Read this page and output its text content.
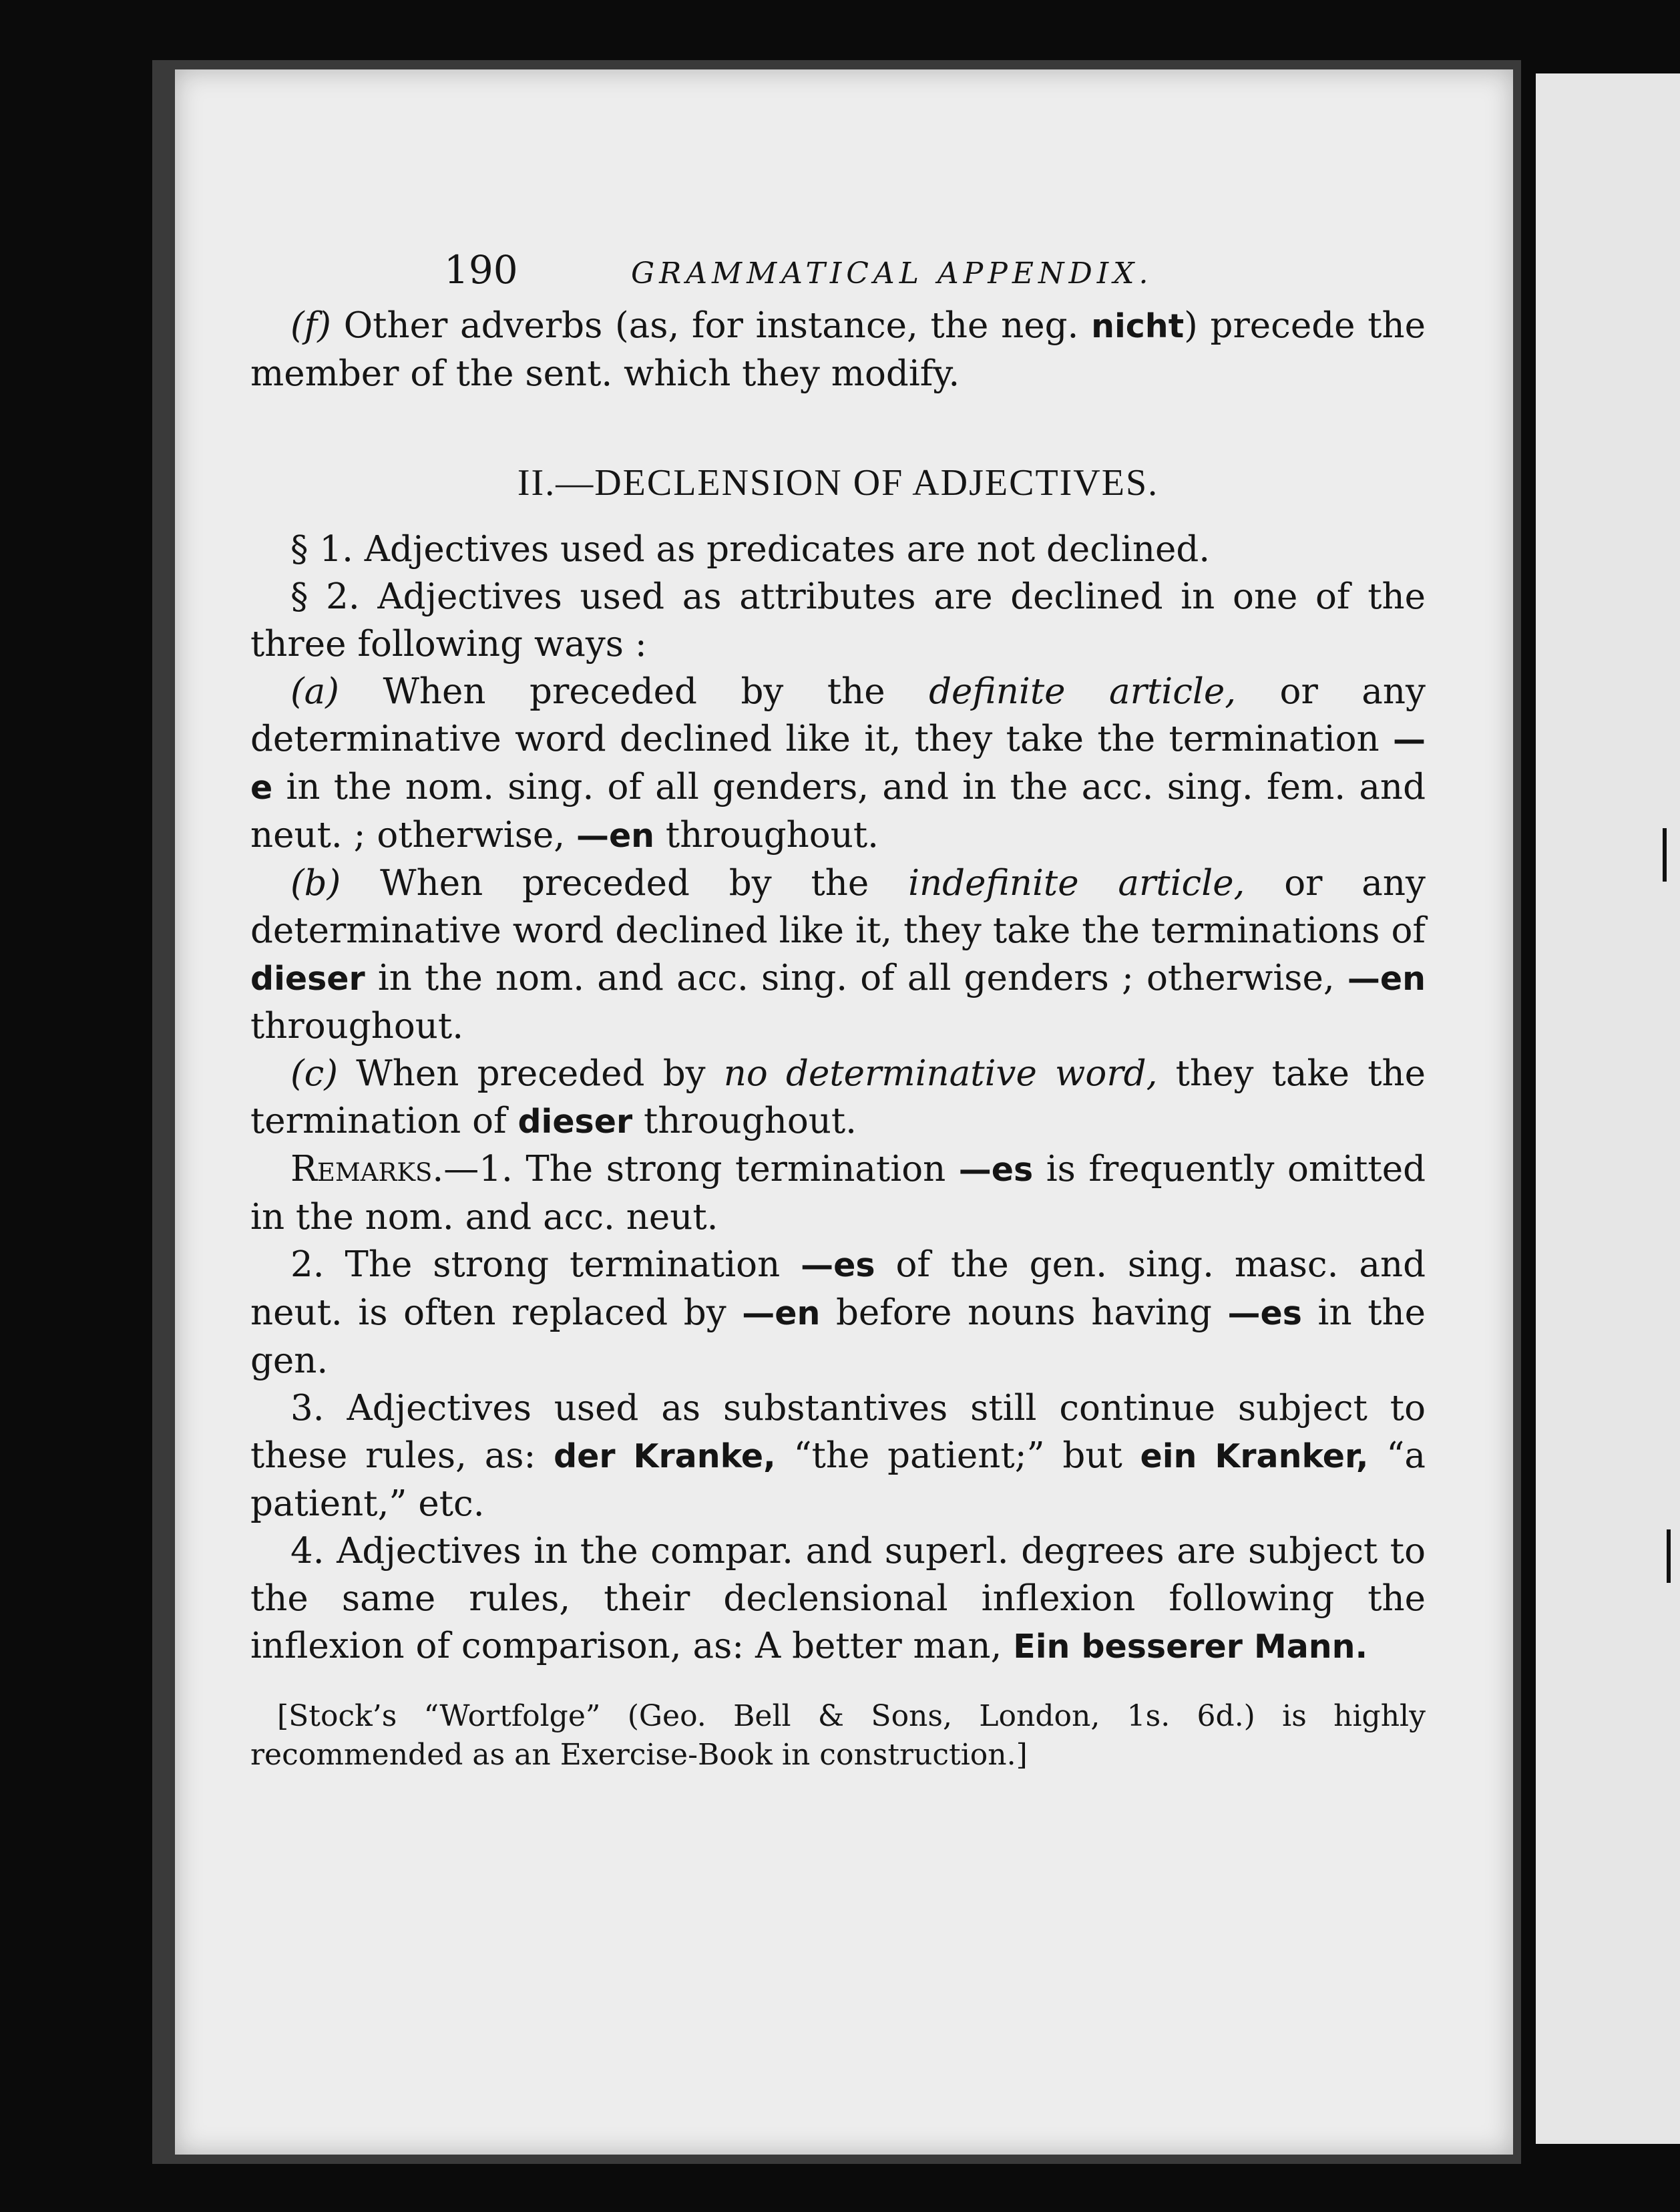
190	GRAMMATICAL APPENDIX.

(f) Other adverbs (as, for instance, the neg. nicht) precede the member of the sent. which they modify.

II.—DECLENSION OF ADJECTIVES.

§ 1. Adjectives used as predicates are not declined.

§ 2. Adjectives used as attributes are declined in one of the three following ways :

(a) When preceded by the definite article, or any determinative word declined like it, they take the termination —e in the nom. sing. of all genders, and in the acc. sing. fem. and neut. ; otherwise, —en throughout.

(b) When preceded by the indefinite article, or any determinative word declined like it, they take the terminations of dieser in the nom. and acc. sing. of all genders ; otherwise, —en throughout.

(c) When preceded by no determinative word, they take the termination of dieser throughout.

Remarks.—1. The strong termination —es is frequently omitted in the nom. and acc. neut.

2. The strong termination —es of the gen. sing. masc. and neut. is often replaced by —en before nouns having —es in the gen.

3. Adjectives used as substantives still continue subject to these rules, as: der Kranke, “the patient;” but ein Kranker, “a patient,” etc.

4. Adjectives in the compar. and superl. degrees are subject to the same rules, their declensional inflexion following the inflexion of comparison, as: A better man, Ein besserer Mann.

[Stock’s “Wortfolge” (Geo. Bell & Sons, London, 1s. 6d.) is highly recommended as an Exercise-Book in construction.]
